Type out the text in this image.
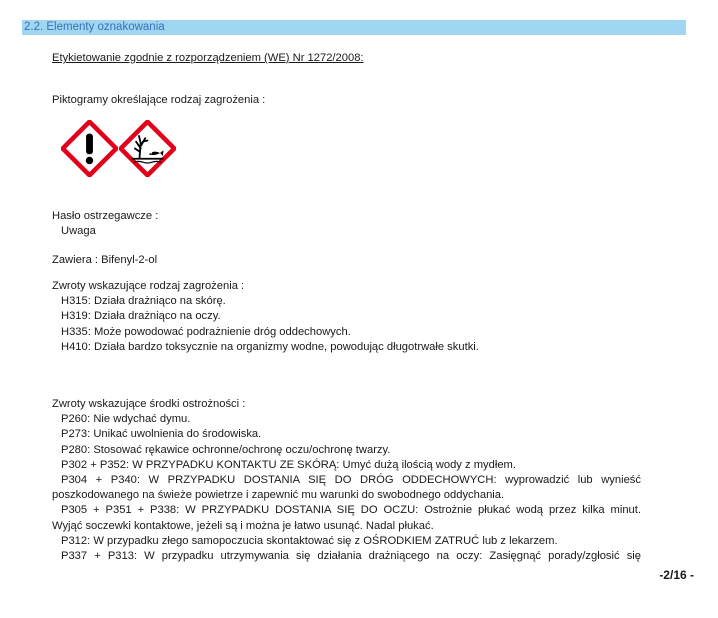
2.2. Elementy oznakowania
Etykietowanie zgodnie z rozporządzeniem (WE) Nr 1272/2008:
Piktogramy określające rodzaj zagrożenia :
Hasło ostrzegawcze :
Uwaga
Zawiera : Bifenyl-2-ol
Zwroty wskazujące rodzaj zagrożenia :
H315: Działa drażniąco na skórę.
H319: Działa drażniąco na oczy.
H335: Może powodować podrażnienie dróg oddechowych.
H410: Działa bardzo toksycznie na organizmy wodne, powodując długotrwałe skutki.
Zwroty wskazujące środki ostrożności :
P260: Nie wdychać dymu.
P273: Unikać uwolnienia do środowiska.
P280: Stosować rękawice ochronne/ochronę oczu/ochronę twarzy.
P302 + P352: W PRZYPADKU KONTAKTU ZE SKÓRĄ: Umyć dużą ilością wody z mydłem.
P304 + P340: W PRZYPADKU DOSTANIA SIĘ DO DRÓG ODDECHOWYCH: wyprowadzić lub wynieść
poszkodowanego na świeże powietrze i zapewnić mu warunki do swobodnego oddychania.
P305 + P351 + P338: W PRZYPADKU DOSTANIA SIĘ DO OCZU: Ostrożnie płukać wodą przez kilka minut.
Wyjąć soczewki kontaktowe, jeżeli są i można je łatwo usunąć. Nadal płukać.
P312: W przypadku złego samopoczucia skontaktować się z OŚRODKIEM ZATRUĆ lub z lekarzem.
P337 + P313: W przypadku utrzymywania się działania drażniącego na oczy: Zasięgnąć porady/zgłosić się
-2/16 -
